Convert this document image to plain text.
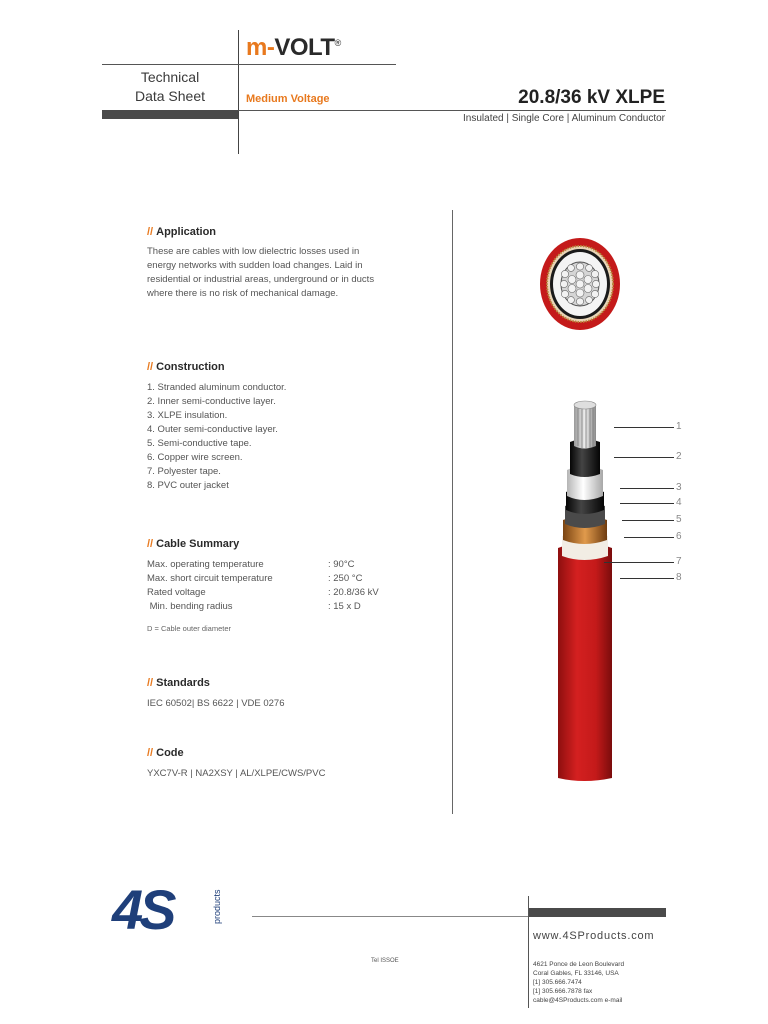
Technical
Data Sheet
m-VOLT®
Medium Voltage	20.8/36 kV XLPE
Insulated | Single Core | Aluminum Conductor
// Application
These are cables with low dielectric losses used in
energy networks with sudden load changes. Laid in
residential or industrial areas, underground or in ducts
where there is no risk of mechanical damage.
// Construction
1. Stranded aluminum conductor.
2. Inner semi-conductive layer.
3. XLPE insulation.
4. Outer semi-conductive layer.
5. Semi-conductive tape.
6. Copper wire screen.
7. Polyester tape.
8. PVC outer jacket
// Cable Summary
Max. operating temperature	: 90°C
Max. short circuit temperature	: 250 °C
Rated voltage	: 20.8/36 kV
Min. bending radius	: 15 x D
D = Cable outer diameter
// Standards
IEC 60502| BS 6622 | VDE 0276
// Code
YXC7V-R | NA2XSY | AL/XLPE/CWS/PVC
1
2
3
4
5
6
7
8
4S	products
Tel ISSOE
www.4SProducts.com
4621 Ponce de Leon Boulevard
Coral Gables, FL 33146, USA
[1] 305.666.7474
[1] 305.666.7878 fax
cable@4SProducts.com e-mail
